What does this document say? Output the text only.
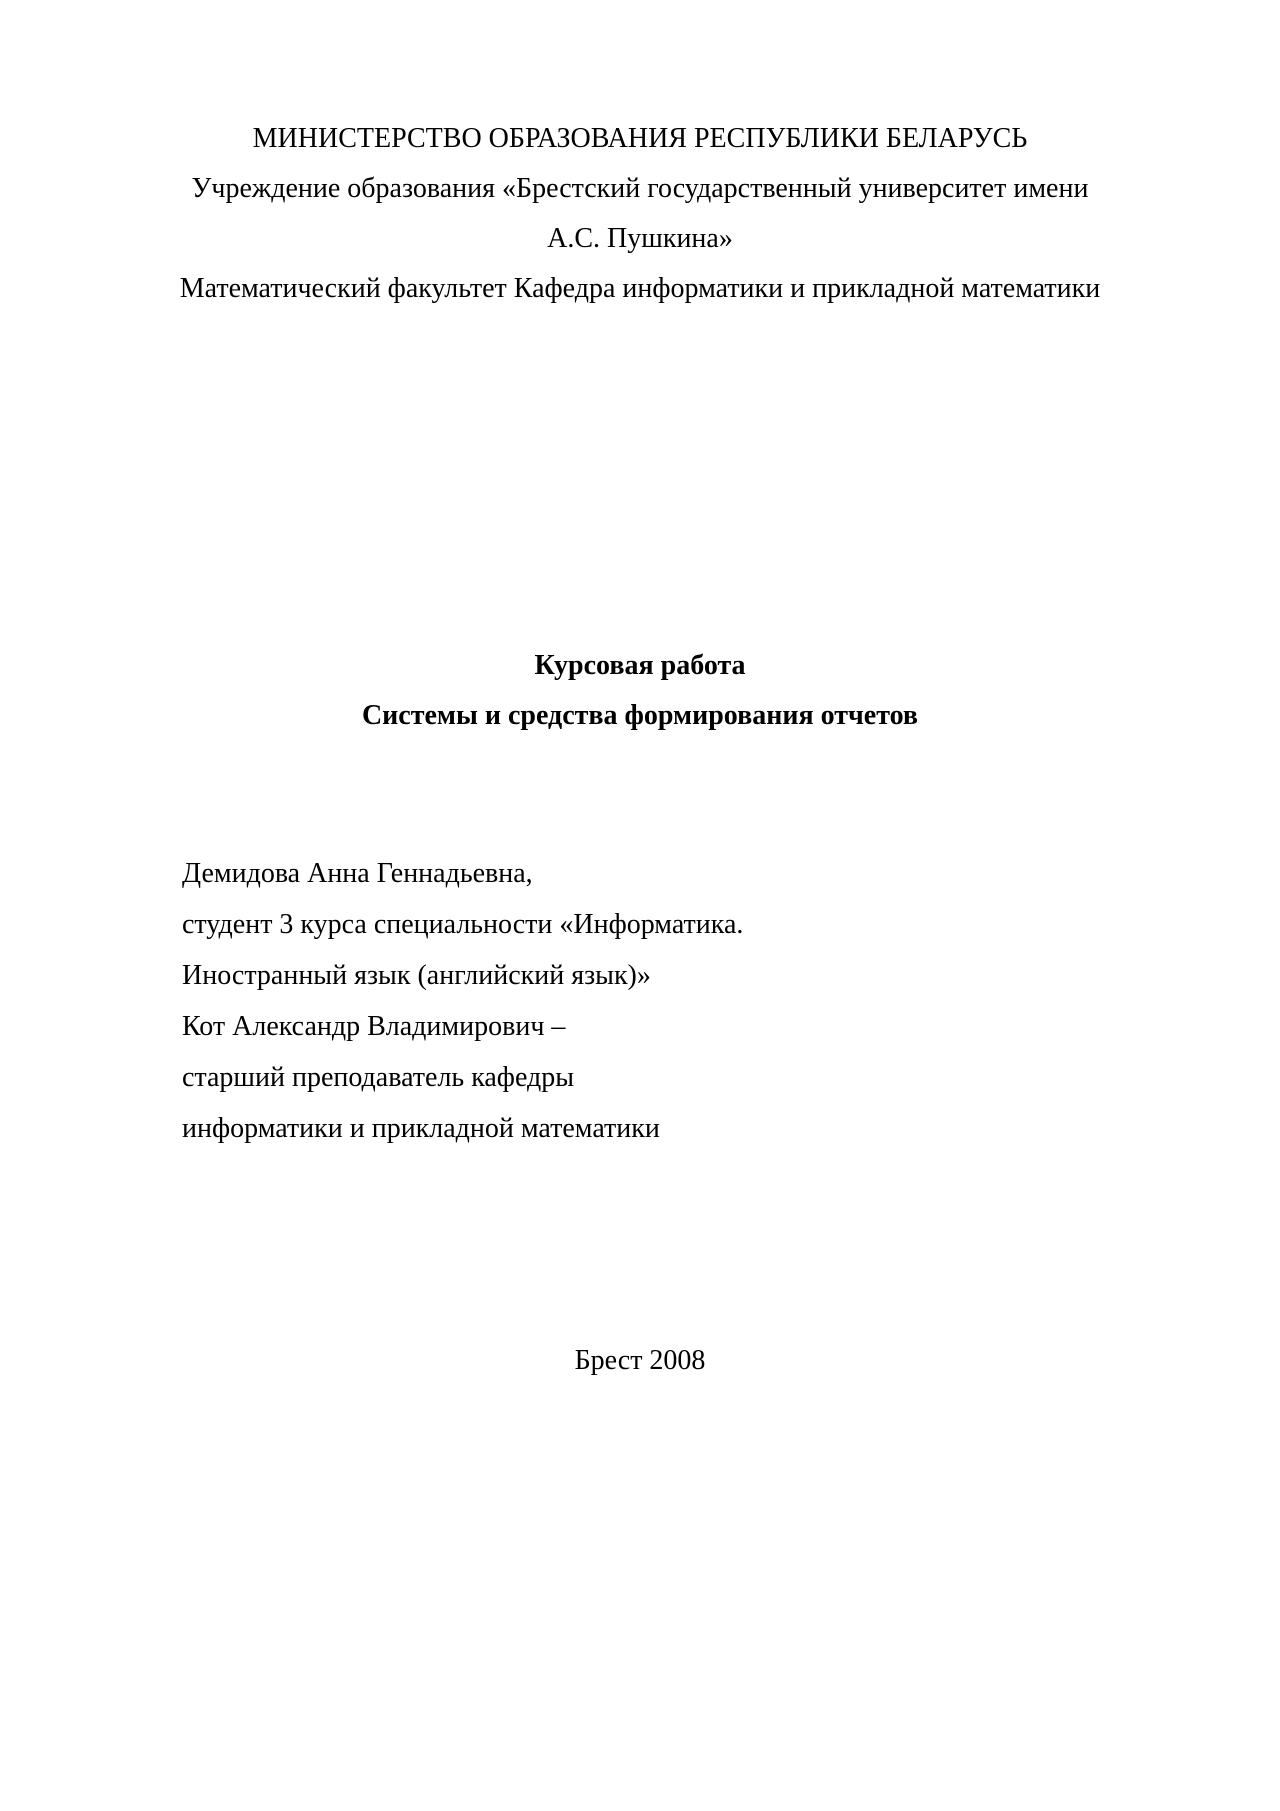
МИНИСТЕРСТВО ОБРАЗОВАНИЯ РЕСПУБЛИКИ БЕЛАРУСЬ
Учреждение образования «Брестский государственный университет имени
А.С. Пушкина»
Математический факультет Кафедра информатики и прикладной математики
Курсовая работа
Системы и средства формирования отчетов
Демидова Анна Геннадьевна,
студент 3 курса специальности «Информатика.
Иностранный язык (английский язык)»
Кот Александр Владимирович –
старший преподаватель кафедры
информатики и прикладной математики
Брест 2008
